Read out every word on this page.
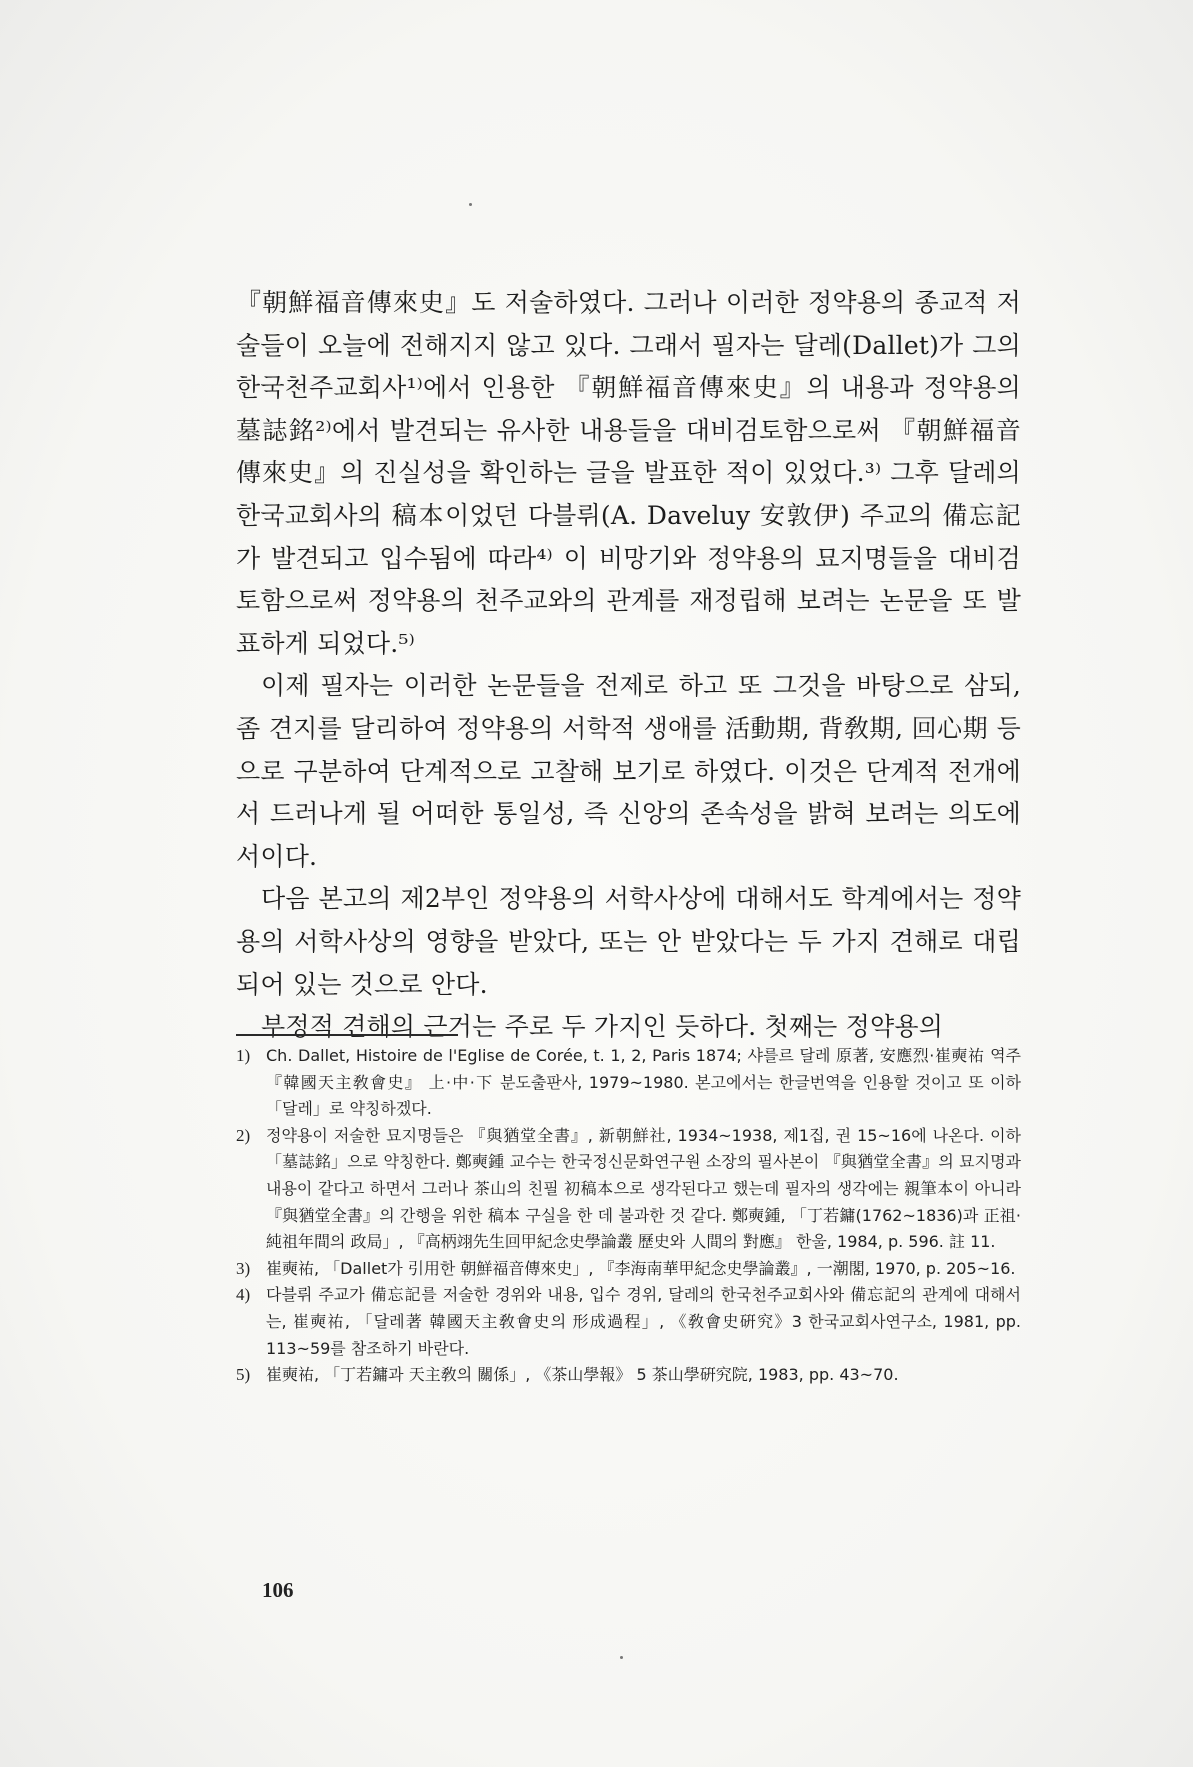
『朝鮮福音傳來史』도 저술하였다. 그러나 이러한 정약용의 종교적 저술들이 오늘에 전해지지 않고 있다. 그래서 필자는 달레(Dallet)가 그의 한국천주교회사¹⁾에서 인용한 『朝鮮福音傳來史』의 내용과 정약용의 墓誌銘²⁾에서 발견되는 유사한 내용들을 대비검토함으로써 『朝鮮福音傳來史』의 진실성을 확인하는 글을 발표한 적이 있었다.³⁾ 그후 달레의 한국교회사의 稿本이었던 다블뤼(A. Daveluy 安敦伊) 주교의 備忘記가 발견되고 입수됨에 따라⁴⁾ 이 비망기와 정약용의 묘지명들을 대비검토함으로써 정약용의 천주교와의 관계를 재정립해 보려는 논문을 또 발표하게 되었다.⁵⁾

이제 필자는 이러한 논문들을 전제로 하고 또 그것을 바탕으로 삼되, 좀 견지를 달리하여 정약용의 서학적 생애를 活動期, 背敎期, 回心期 등으로 구분하여 단계적으로 고찰해 보기로 하였다. 이것은 단계적 전개에서 드러나게 될 어떠한 통일성, 즉 신앙의 존속성을 밝혀 보려는 의도에서이다.

다음 본고의 제2부인 정약용의 서학사상에 대해서도 학계에서는 정약용의 서학사상의 영향을 받았다, 또는 안 받았다는 두 가지 견해로 대립되어 있는 것으로 안다.

부정적 견해의 근거는 주로 두 가지인 듯하다. 첫째는 정약용의

1) Ch. Dallet, Histoire de l'Eglise de Corée, t. 1, 2, Paris 1874; 샤를르 달레 原著, 安應烈·崔奭祐 역주 『韓國天主敎會史』 上·中·下 분도출판사, 1979~1980. 본고에서는 한글번역을 인용할 것이고 또 이하 「달레」로 약칭하겠다.
2) 정약용이 저술한 묘지명들은 『與猶堂全書』, 新朝鮮社, 1934~1938, 제1집, 권 15~16에 나온다. 이하 「墓誌銘」으로 약칭한다. 鄭奭鍾 교수는 한국정신문화연구원 소장의 필사본이 『與猶堂全書』의 묘지명과 내용이 같다고 하면서 그러나 茶山의 친필 初稿本으로 생각된다고 했는데 필자의 생각에는 親筆本이 아니라 『與猶堂全書』의 간행을 위한 稿本 구실을 한 데 불과한 것 같다. 鄭奭鍾, 「丁若鏞(1762~1836)과 正祖·純祖年間의 政局」, 『高柄翊先生回甲紀念史學論叢 歷史와 人間의 對應』 한울, 1984, p. 596. 註 11.
3) 崔奭祐, 「Dallet가 引用한 朝鮮福音傳來史」, 『李海南華甲紀念史學論叢』, 一潮閣, 1970, p. 205~16.
4) 다블뤼 주교가 備忘記를 저술한 경위와 내용, 입수 경위, 달레의 한국천주교회사와 備忘記의 관계에 대해서는, 崔奭祐, 「달레著 韓國天主敎會史의 形成過程」, 《敎會史硏究》3 한국교회사연구소, 1981, pp. 113~59를 참조하기 바란다.
5) 崔奭祐, 「丁若鏞과 天主敎의 關係」, 《茶山學報》 5 茶山學硏究院, 1983, pp. 43~70.
106
